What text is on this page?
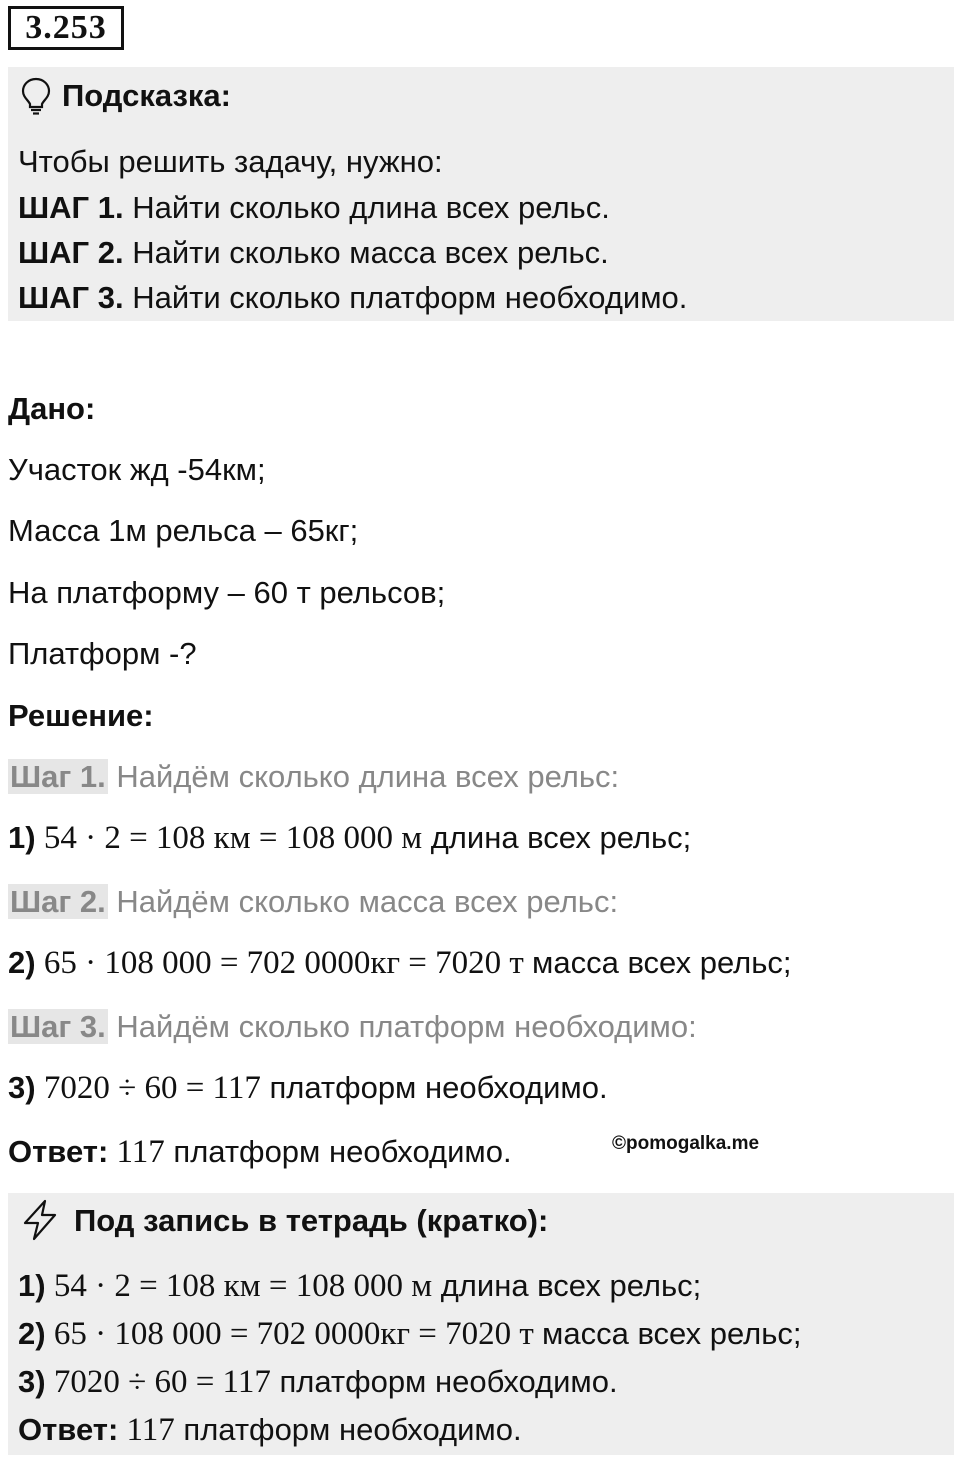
3.253
Подсказка:
Чтобы решить задачу, нужно:
ШАГ 1. Найти сколько длина всех рельс.
ШАГ 2. Найти сколько масса всех рельс.
ШАГ 3. Найти сколько платформ необходимо.
Дано:
Участок жд -54км;
Масса 1м рельса – 65кг;
На платформу – 60 т рельсов;
Платформ -?
Решение:
Шаг 1. Найдём сколько длина всех рельс:
1) 54 · 2 = 108 км = 108 000 м длина всех рельс;
Шаг 2. Найдём сколько масса всех рельс:
2) 65 · 108 000 = 702 0000кг = 7020 т масса всех рельс;
Шаг 3. Найдём сколько платформ необходимо:
3) 7020 ÷ 60 = 117 платформ необходимо.
Ответ: 117 платформ необходимо.	©pomogalka.me
Под запись в тетрадь (кратко):
1) 54 · 2 = 108 км = 108 000 м длина всех рельс;
2) 65 · 108 000 = 702 0000кг = 7020 т масса всех рельс;
3) 7020 ÷ 60 = 117 платформ необходимо.
Ответ: 117 платформ необходимо.
